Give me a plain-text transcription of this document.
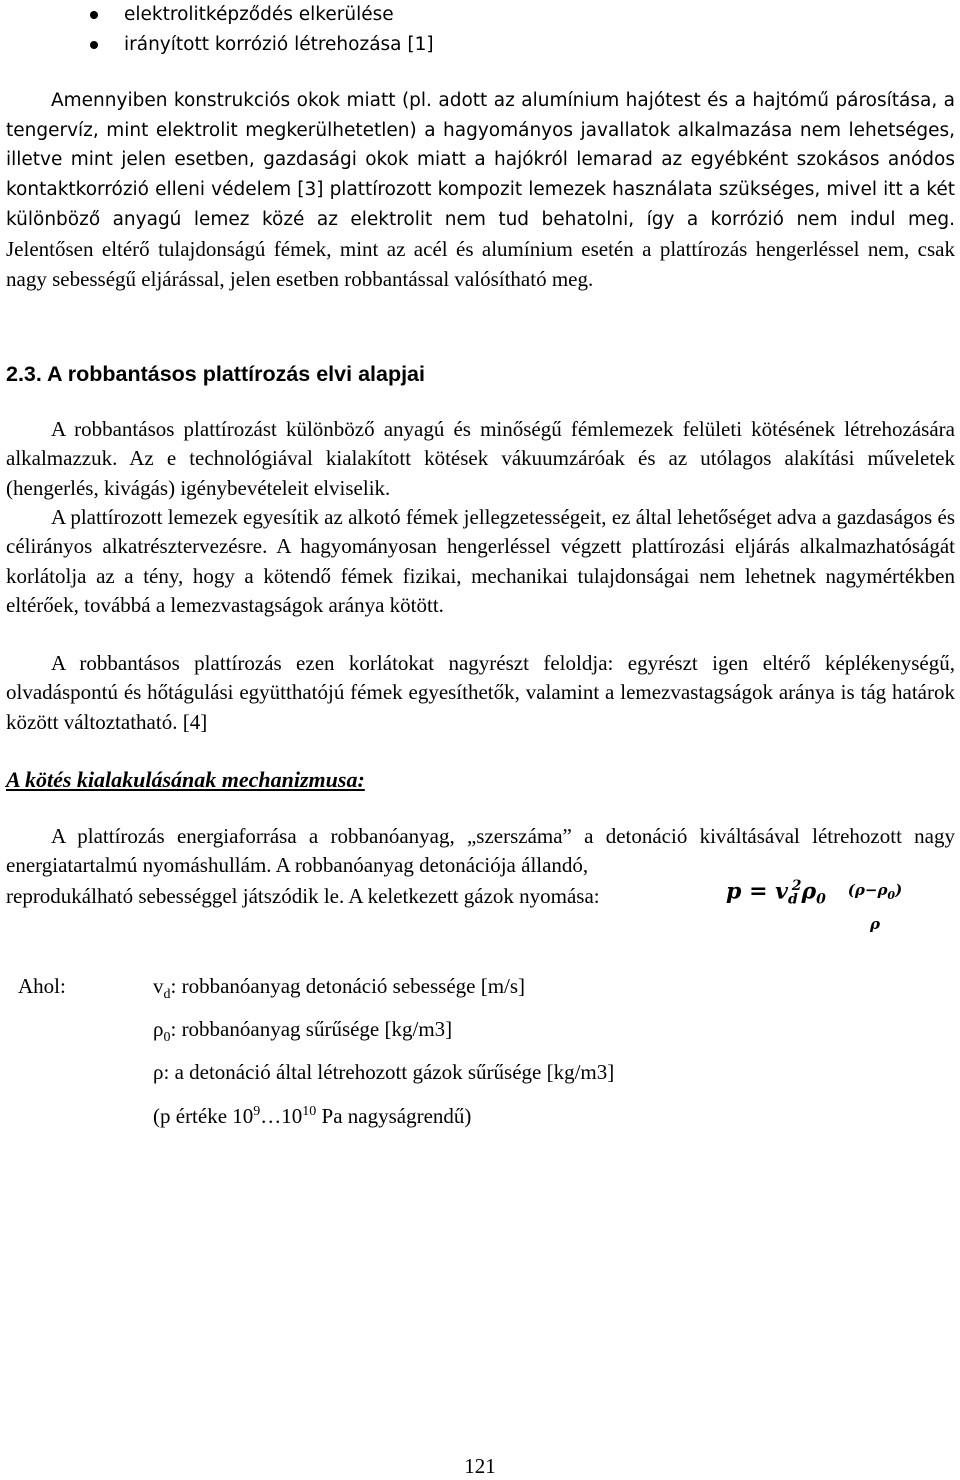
elektrolitképződés elkerülése
irányított korrózió létrehozása [1]

Amennyiben konstrukciós okok miatt (pl. adott az alumínium hajótest és a hajtómű párosítása, a tengervíz, mint elektrolit megkerülhetetlen) a hagyományos javallatok alkalmazása nem lehetséges, illetve mint jelen esetben, gazdasági okok miatt a hajókról lemarad az egyébként szokásos anódos kontaktkorrózió elleni védelem [3] plattírozott kompozit lemezek használata szükséges, mivel itt a két különböző anyagú lemez közé az elektrolit nem tud behatolni, így a korrózió nem indul meg. Jelentősen eltérő tulajdonságú fémek, mint az acél és alumínium esetén a plattírozás hengerléssel nem, csak nagy sebességű eljárással, jelen esetben robbantással valósítható meg.

2.3. A robbantásos plattírozás elvi alapjai

A robbantásos plattírozást különböző anyagú és minőségű fémlemezek felületi kötésének létrehozására alkalmazzuk. Az e technológiával kialakított kötések vákuumzáróak és az utólagos alakítási műveletek (hengerlés, kivágás) igénybevételeit elviselik.

A plattírozott lemezek egyesítik az alkotó fémek jellegzetességeit, ez által lehetőséget adva a gazdaságos és célirányos alkatrésztervezésre. A hagyományosan hengerléssel végzett plattírozási eljárás alkalmazhatóságát korlátolja az a tény, hogy a kötendő fémek fizikai, mechanikai tulajdonságai nem lehetnek nagymértékben eltérőek, továbbá a lemezvastagságok aránya kötött.

A robbantásos plattírozás ezen korlátokat nagyrészt feloldja: egyrészt igen eltérő képlékenységű, olvadáspontú és hőtágulási együtthatójú fémek egyesíthetők, valamint a lemezvastagságok aránya is tág határok között változtatható. [4]

A kötés kialakulásának mechanizmusa:

A plattírozás energiaforrása a robbanóanyag, „szerszáma” a detonáció kiváltásával létrehozott nagy energiatartalmú nyomáshullám. A robbanóanyag detonációja állandó,

reprodukálható sebességgel játszódik le. A keletkezett gázok nyomása:	$p = v_d^2\rho_0$
$(\rho-\rho_0)$
ρ
Ahol:	$v_d$: robbanóanyag detonáció sebessége [m/s]
$\rho_0$: robbanóanyag sűrűsége [kg/m3]
ρ: a detonáció által létrehozott gázok sűrűsége [kg/m3]
(p értéke $10^9\dots 10^{10}$ Pa nagyságrendű)
121
